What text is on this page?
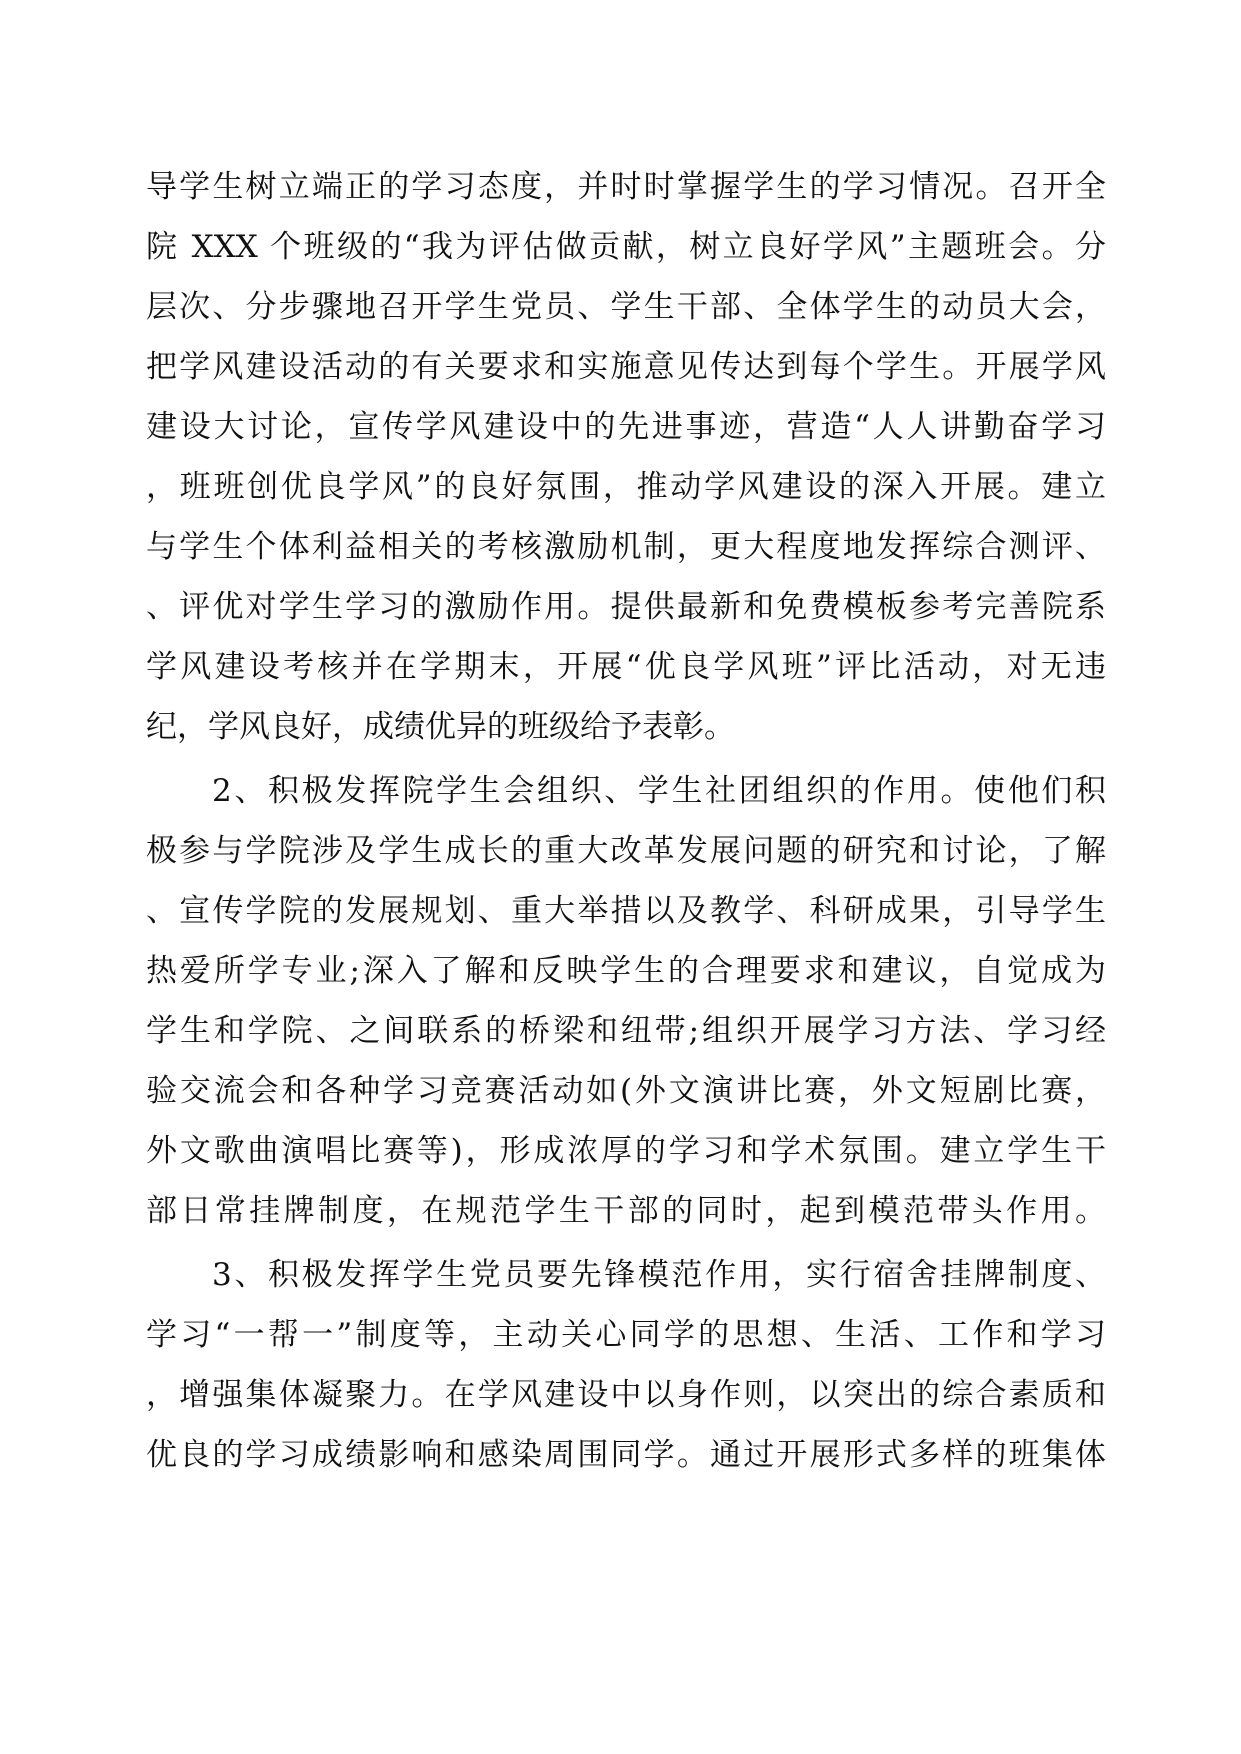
导学生树立端正的学习态度，并时时掌握学生的学习情况。召开全
院 XXX 个班级的“我为评估做贡献，树立良好学风”主题班会。分
层次、分步骤地召开学生党员、学生干部、全体学生的动员大会，
把学风建设活动的有关要求和实施意见传达到每个学生。开展学风
建设大讨论，宣传学风建设中的先进事迹，营造“人人讲勤奋学习
，班班创优良学风”的良好氛围，推动学风建设的深入开展。建立
与学生个体利益相关的考核激励机制，更大程度地发挥综合测评、
、评优对学生学习的激励作用。提供最新和免费模板参考完善院系
学风建设考核并在学期末，开展“优良学风班”评比活动，对无违
纪，学风良好，成绩优异的班级给予表彰。
2、积极发挥院学生会组织、学生社团组织的作用。使他们积
极参与学院涉及学生成长的重大改革发展问题的研究和讨论，了解
、宣传学院的发展规划、重大举措以及教学、科研成果，引导学生
热爱所学专业;深入了解和反映学生的合理要求和建议，自觉成为
学生和学院、之间联系的桥梁和纽带;组织开展学习方法、学习经
验交流会和各种学习竞赛活动如(外文演讲比赛，外文短剧比赛，
外文歌曲演唱比赛等)，形成浓厚的学习和学术氛围。建立学生干
部日常挂牌制度，在规范学生干部的同时，起到模范带头作用。
3、积极发挥学生党员要先锋模范作用，实行宿舍挂牌制度、
学习“一帮一”制度等，主动关心同学的思想、生活、工作和学习
，增强集体凝聚力。在学风建设中以身作则，以突出的综合素质和
优良的学习成绩影响和感染周围同学。通过开展形式多样的班集体
